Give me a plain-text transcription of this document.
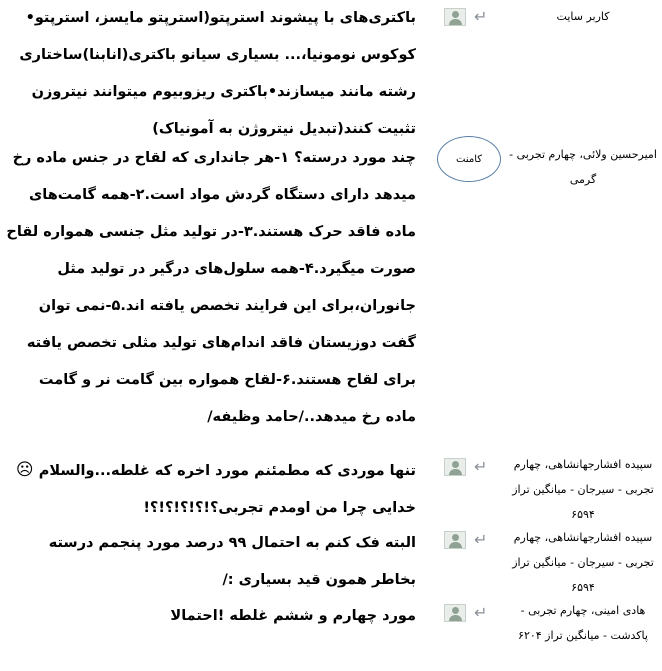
کاربر سایت
↵
باکتری‌های با پیشوند استرپتو(استرپتو مایسز، استرپتو• کوکوس نومونیا،... بسیاری سیانو باکتری(انابنا)ساختاری رشته مانند میسازند•باکتری ریزوبیوم میتوانند نیتروزن تثبیت کنند(تبدیل نیتروژن به آمونیاک)
امیرحسین ولائی، چهارم تجربی - گرمی
چند مورد درسته؟ ۱-هر جانداری که لقاح در جنس ماده رخ میدهد دارای دستگاه گردش مواد است.۲-همه گامت‌های ماده فاقد حرک هستند.۳-در تولید مثل جنسی همواره لقاح صورت میگیرد.۴-همه سلول‌های درگیر در تولید مثل جانوران،برای این فرایند تخصص یافته اند.۵-نمی توان گفت دوزیستان فاقد اندام‌های تولید مثلی تخصص یافته برای لقاح هستند.۶-لقاح همواره بین گامت نر و گامت ماده رخ میدهد../حامد وظیفه/
کامنت
سپیده افشارجهانشاهی، چهارم تجربی - سیرجان - میانگین تراز ۶۵۹۴
↵
تنها موردی که مطمئنم مورد اخره که غلطه...والسلام ☹
خدایی چرا من اومدم تجربی؟!؟!؟!؟!؟!
سپیده افشارجهانشاهی، چهارم تجربی - سیرجان - میانگین تراز ۶۵۹۴
↵
البته فک کنم به احتمال ۹۹ درصد مورد پنجمم درسته بخاطر همون قید بسیاری :/
هادی امینی، چهارم تجربی - پاکدشت - میانگین تراز ۶۲۰۴
↵
مورد چهارم و ششم غلطه !احتمالا
